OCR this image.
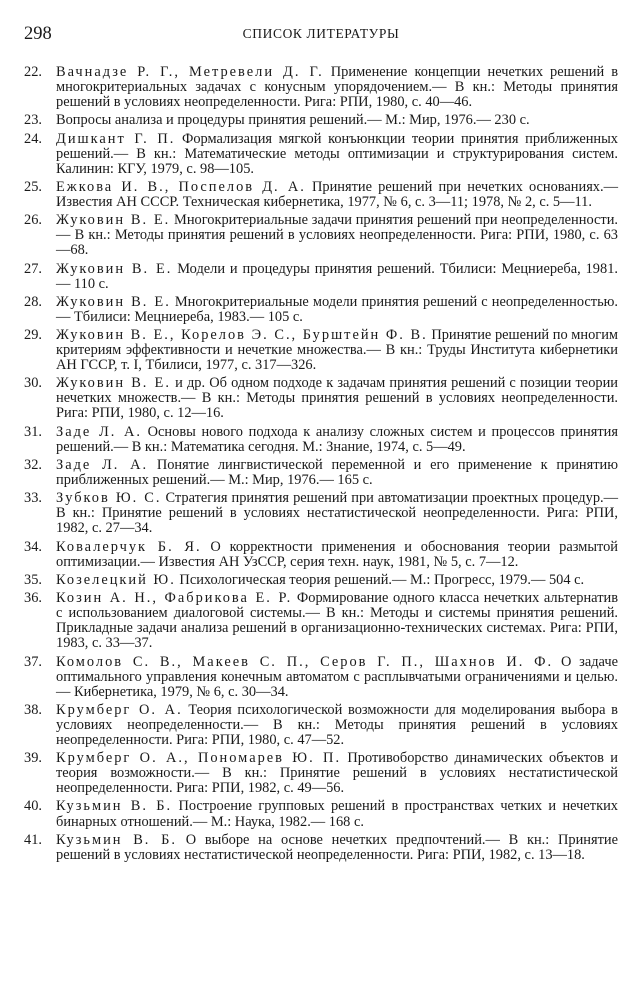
298	СПИСОК ЛИТЕРАТУРЫ
22. Вачнадзе Р. Г., Метревели Д. Г. Применение концепции нечетких решений в многокритериальных задачах с конусным упорядочением.— В кн.: Методы принятия решений в условиях неопределенности. Рига: РПИ, 1980, с. 40—46.
23. Вопросы анализа и процедуры принятия решений.— М.: Мир, 1976.— 230 с.
24. Дишкант Г. П. Формализация мягкой конъюнкции теории принятия приближенных решений.— В кн.: Математические методы оптимизации и структурирования систем. Калинин: КГУ, 1979, с. 98—105.
25. Ежкова И. В., Поспелов Д. А. Принятие решений при нечетких основаниях.— Известия АН СССР. Техническая кибернетика, 1977, № 6, с. 3—11; 1978, № 2, с. 5—11.
26. Жуковин В. Е. Многокритериальные задачи принятия решений при неопределенности.— В кн.: Методы принятия решений в условиях неопределенности. Рига: РПИ, 1980, с. 63—68.
27. Жуковин В. Е. Модели и процедуры принятия решений. Тбилиси: Мецниереба, 1981.— 110 с.
28. Жуковин В. Е. Многокритериальные модели принятия решений с неопределенностью.— Тбилиси: Мецниереба, 1983.— 105 с.
29. Жуковин В. Е., Корелов Э. С., Бурштейн Ф. В. Принятие решений по многим критериям эффективности и нечеткие множества.— В кн.: Труды Института кибернетики АН ГССР, т. I, Тбилиси, 1977, с. 317—326.
30. Жуковин В. Е. и др. Об одном подходе к задачам принятия решений с позиции теории нечетких множеств.— В кн.: Методы принятия решений в условиях неопределенности. Рига: РПИ, 1980, с. 12—16.
31. Заде Л. А. Основы нового подхода к анализу сложных систем и процессов принятия решений.— В кн.: Математика сегодня. М.: Знание, 1974, с. 5—49.
32. Заде Л. А. Понятие лингвистической переменной и его применение к принятию приближенных решений.— М.: Мир, 1976.— 165 с.
33. Зубков Ю. С. Стратегия принятия решений при автоматизации проектных процедур.— В кн.: Принятие решений в условиях нестатистической неопределенности. Рига: РПИ, 1982, с. 27—34.
34. Ковалерчук Б. Я. О корректности применения и обоснования теории размытой оптимизации.— Известия АН УзССР, серия техн. наук, 1981, № 5, с. 7—12.
35. Козелецкий Ю. Психологическая теория решений.— М.: Прогресс, 1979.— 504 с.
36. Козин А. Н., Фабрикова Е. Р. Формирование одного класса нечетких альтернатив с использованием диалоговой системы.— В кн.: Методы и системы принятия решений. Прикладные задачи анализа решений в организационно-технических системах. Рига: РПИ, 1983, с. 33—37.
37. Комолов С. В., Макеев С. П., Серов Г. П., Шахнов И. Ф. О задаче оптимального управления конечным автоматом с расплывчатыми ограничениями и целью.— Кибернетика, 1979, № 6, с. 30—34.
38. Крумберг О. А. Теория психологической возможности для моделирования выбора в условиях неопределенности.— В кн.: Методы принятия решений в условиях неопределенности. Рига: РПИ, 1980, с. 47—52.
39. Крумберг О. А., Пономарев Ю. П. Противоборство динамических объектов и теория возможности.— В кн.: Принятие решений в условиях нестатистической неопределенности. Рига: РПИ, 1982, с. 49—56.
40. Кузьмин В. Б. Построение групповых решений в пространствах четких и нечетких бинарных отношений.— М.: Наука, 1982.— 168 с.
41. Кузьмин В. Б. О выборе на основе нечетких предпочтений.— В кн.: Принятие решений в условиях нестатистической неопределенности. Рига: РПИ, 1982, с. 13—18.
